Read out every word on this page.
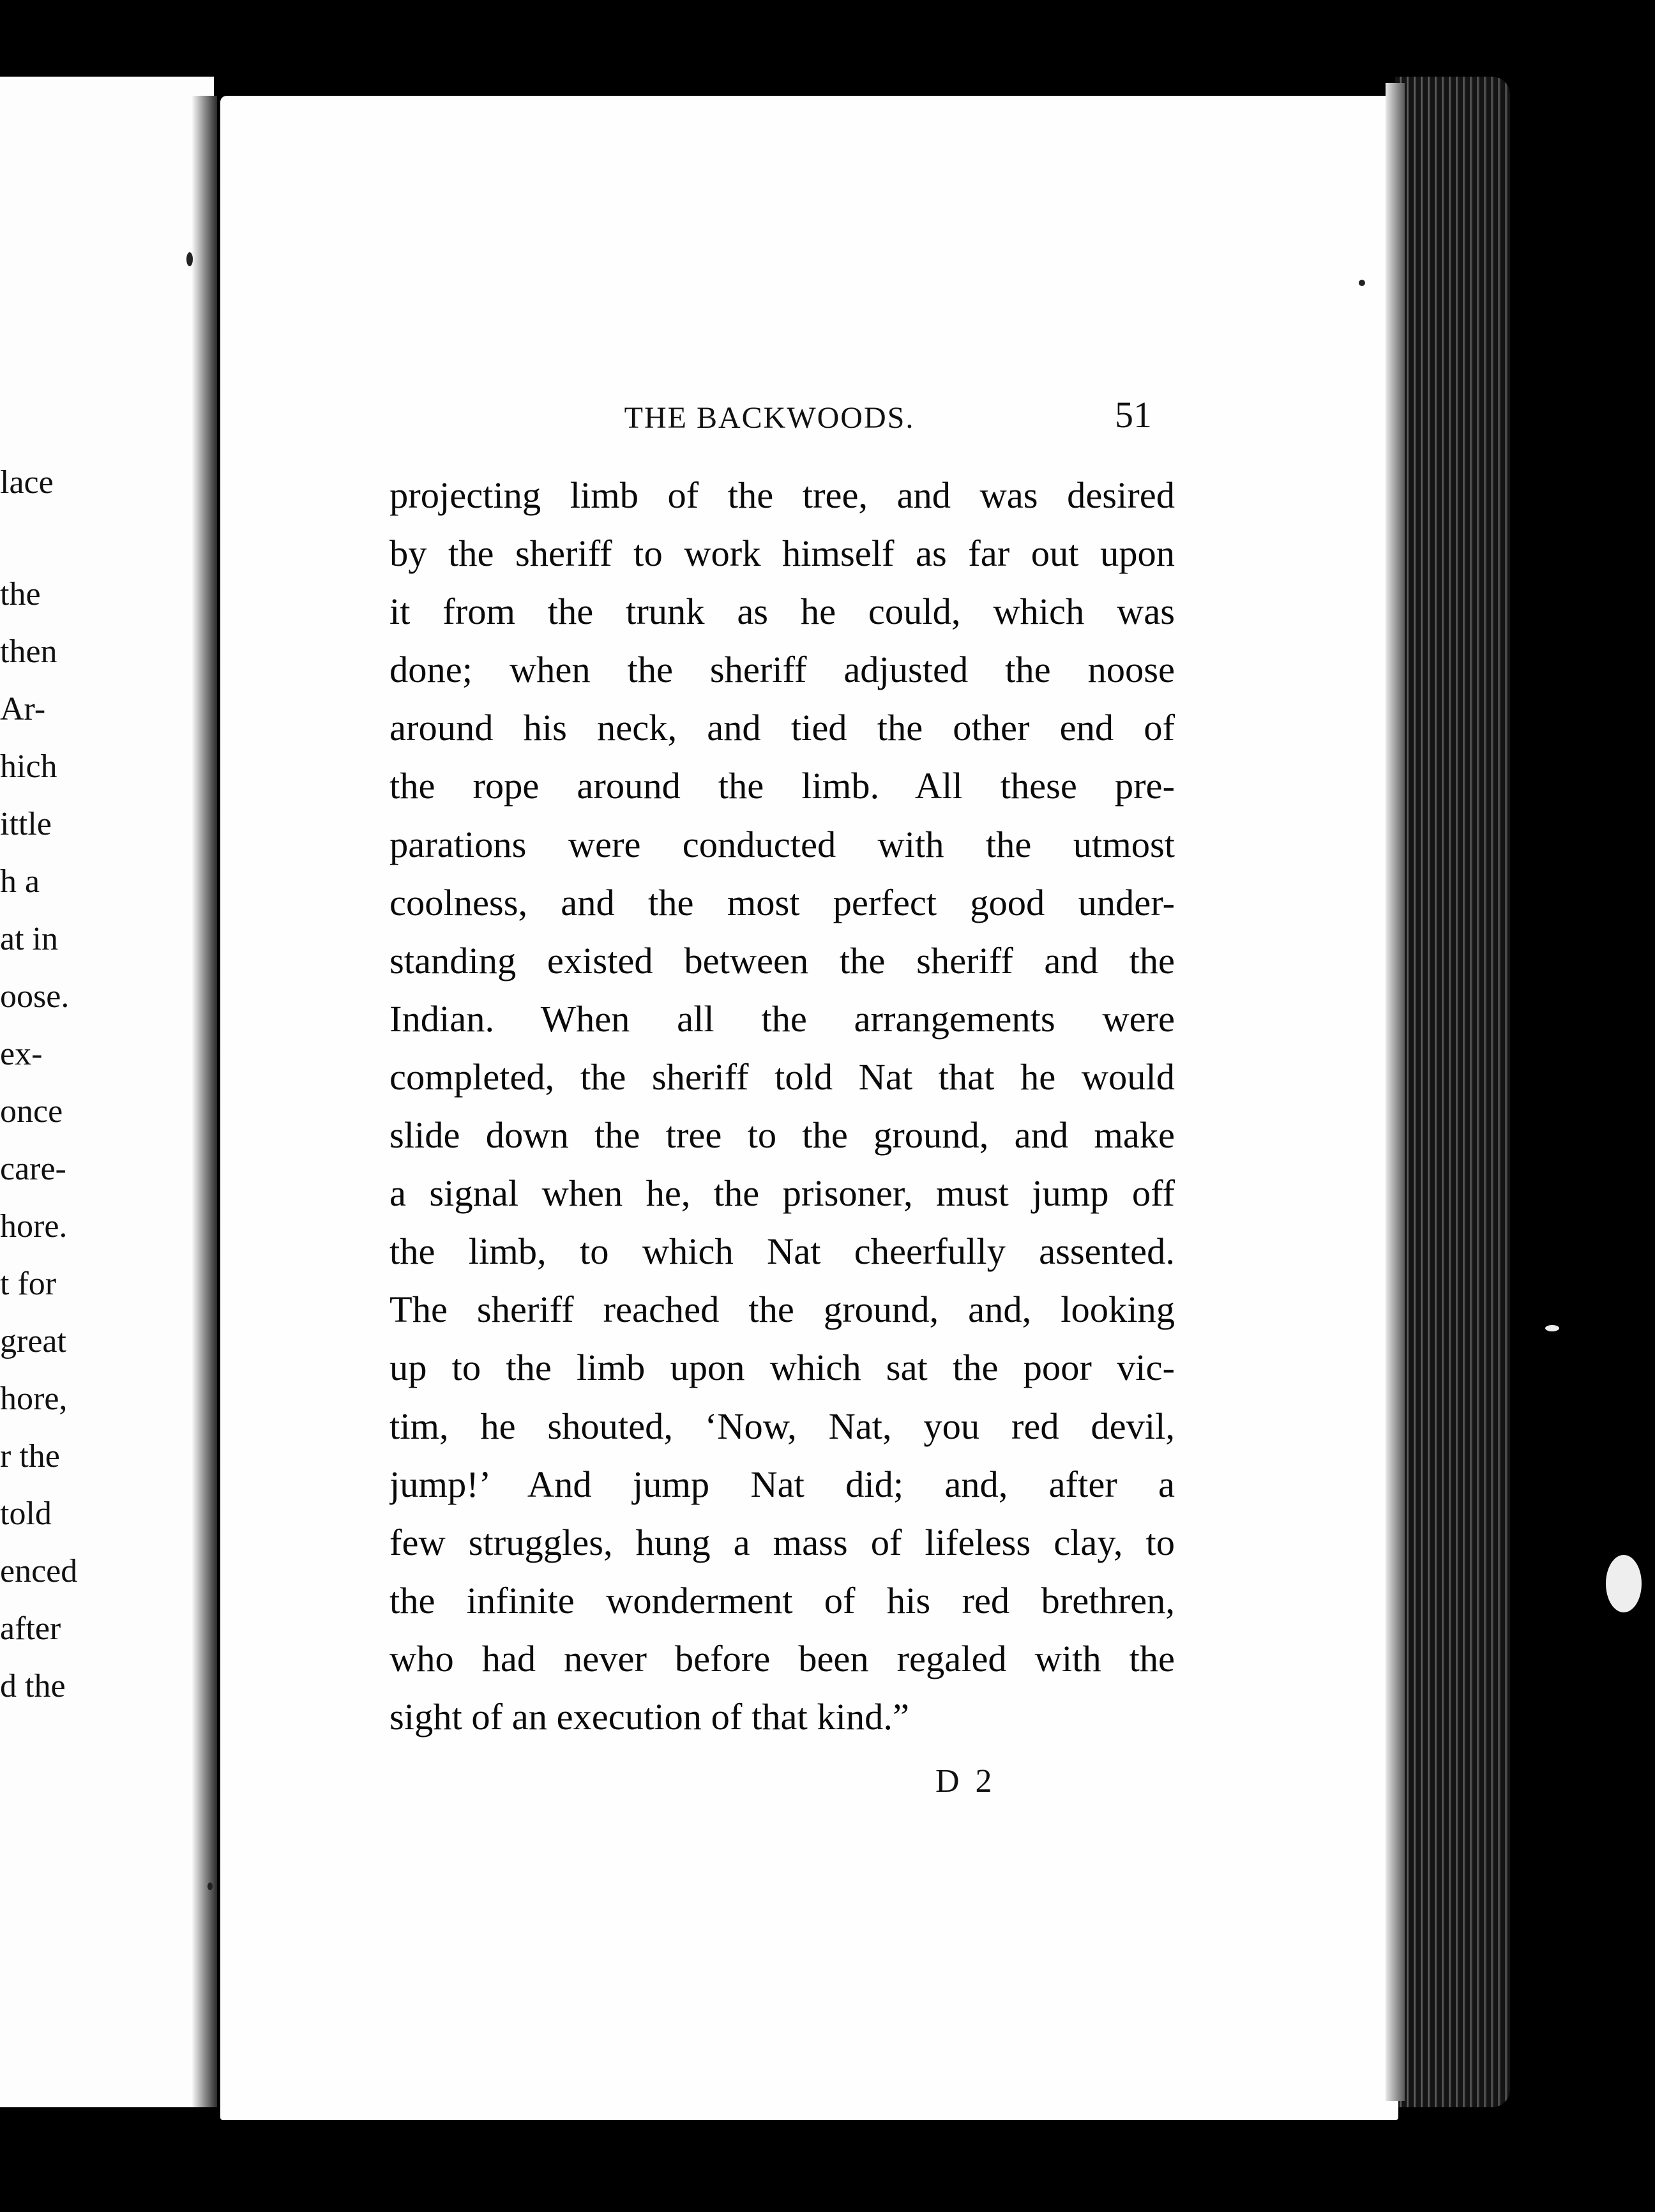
lace
the
then
Ar-
hich
ittle
h a
at in
oose.
ex-
once
care-
hore.
t for
great
hore,
r the
told
enced
after
d the
THE BACKWOODS.	51
projecting limb of the tree, and was desired
by the sheriff to work himself as far out upon
it from the trunk as he could, which was
done; when the sheriff adjusted the noose
around his neck, and tied the other end of
the rope around the limb. All these pre-
parations were conducted with the utmost
coolness, and the most perfect good under-
standing existed between the sheriff and the
Indian. When all the arrangements were
completed, the sheriff told Nat that he would
slide down the tree to the ground, and make
a signal when he, the prisoner, must jump off
the limb, to which Nat cheerfully assented.
The sheriff reached the ground, and, looking
up to the limb upon which sat the poor vic-
tim, he shouted, ‘Now, Nat, you red devil,
jump!’ And jump Nat did; and, after a
few struggles, hung a mass of lifeless clay, to
the infinite wonderment of his red brethren,
who had never before been regaled with the
sight of an execution of that kind.”
D 2
